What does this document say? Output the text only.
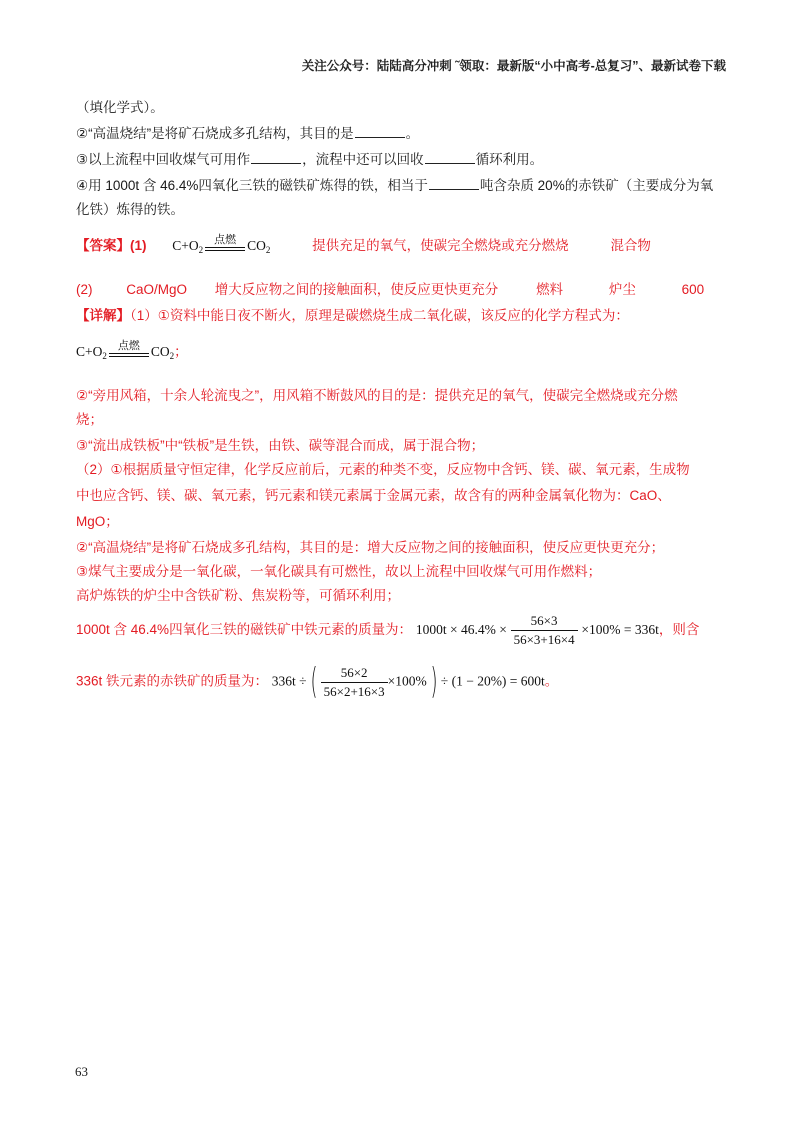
关注公众号：陆陆高分冲刺 ˜领取：最新版“小中高考-总复习”、最新试卷下载
（填化学式）。
②“高温烧结”是将矿石烧成多孔结构，其目的是	。
③以上流程中回收煤气可用作	，流程中还可以回收	循环利用。
④用 1000t 含 46.4%四氧化三铁的磁铁矿炼得的铁，相当于	吨含杂质 20%的赤铁矿（主要成分为氧
化铁）炼得的铁。
【答案】(1) $C+O_2$
点燃 $CO_2$	提供充足的氧气，使碳完全燃烧或充分燃烧	混合物
(2)	CaO/MgO 增大反应物之间的接触面积，使反应更快更充分	燃料	炉尘	600
【详解】（1）①资料中能日夜不断火，原理是碳燃烧生成二氧化碳，该反应的化学方程式为：
$C+O_2$
点燃 $CO_2$；
②“旁用风箱，十余人轮流曳之”，用风箱不断鼓风的目的是：提供充足的氧气，使碳完全燃烧或充分燃
烧；
③“流出成铁板”中“铁板”是生铁，由铁、碳等混合而成，属于混合物；
（2）①根据质量守恒定律，化学反应前后，元素的种类不变，反应物中含钙、镁、碳、氧元素，生成物
中也应含钙、镁、碳、氧元素，钙元素和镁元素属于金属元素，故含有的两种金属氧化物为：CaO、
MgO；
②“高温烧结”是将矿石烧成多孔结构，其目的是：增大反应物之间的接触面积，使反应更快更充分；
③煤气主要成分是一氧化碳，一氧化碳具有可燃性，故以上流程中回收煤气可用作燃料；
高炉炼铁的炉尘中含铁矿粉、焦炭粉等，可循环利用；
1000t 含 46.4%四氧化三铁的磁铁矿中铁元素的质量为： $1000t \times 46.4\% \times \frac{56\times 3}{56\times 3+16\times 4} \times 100\% = 336t$，则含
336t 铁元素的赤铁矿的质量为： 336t ÷( $\frac{56\times 2}{56\times 2+16\times 3} \times 100\%) \div (1 - 20\%) = 600t$。
63
